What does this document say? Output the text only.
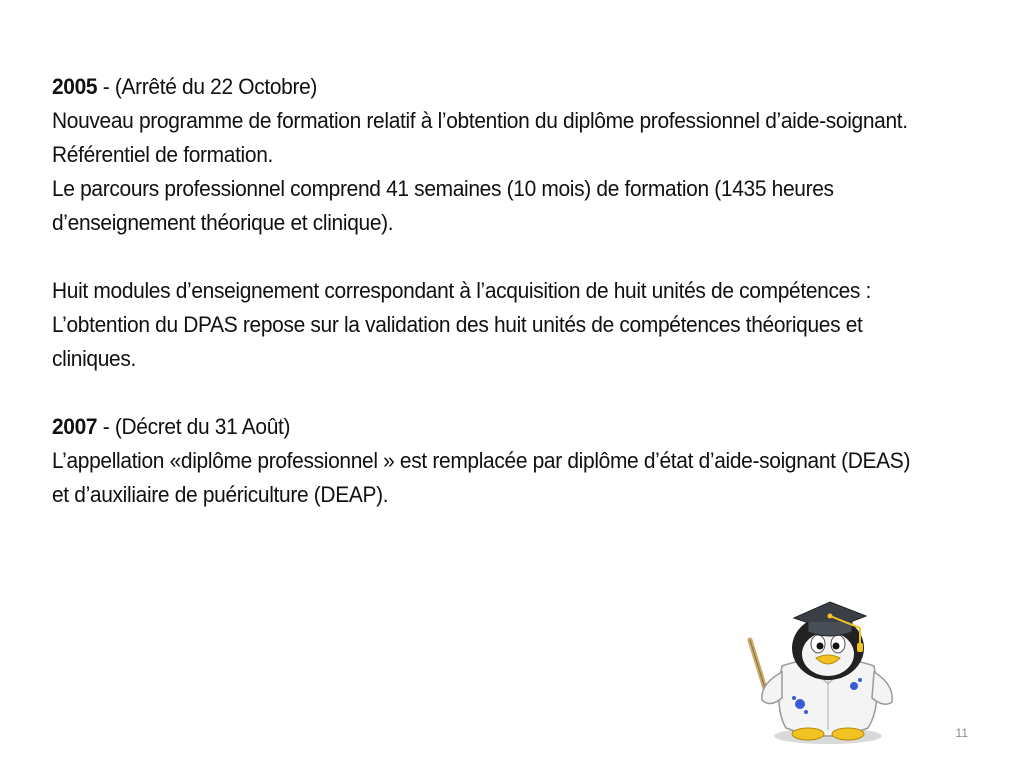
2005 - (Arrêté du 22 Octobre)

Nouveau programme de formation relatif à l’obtention du diplôme professionnel d’aide-soignant.

Référentiel de formation.

Le parcours professionnel comprend 41 semaines (10 mois) de formation (1435 heures d’enseignement théorique et clinique).

Huit modules d’enseignement correspondant à l’acquisition de huit unités de compétences :

L’obtention du DPAS repose sur la validation des huit unités de compétences théoriques et cliniques.

2007 - (Décret du 31 Août)

L’appellation «diplôme professionnel » est remplacée par diplôme d’état d’aide-soignant (DEAS) et d’auxiliaire de puériculture (DEAP).

11
